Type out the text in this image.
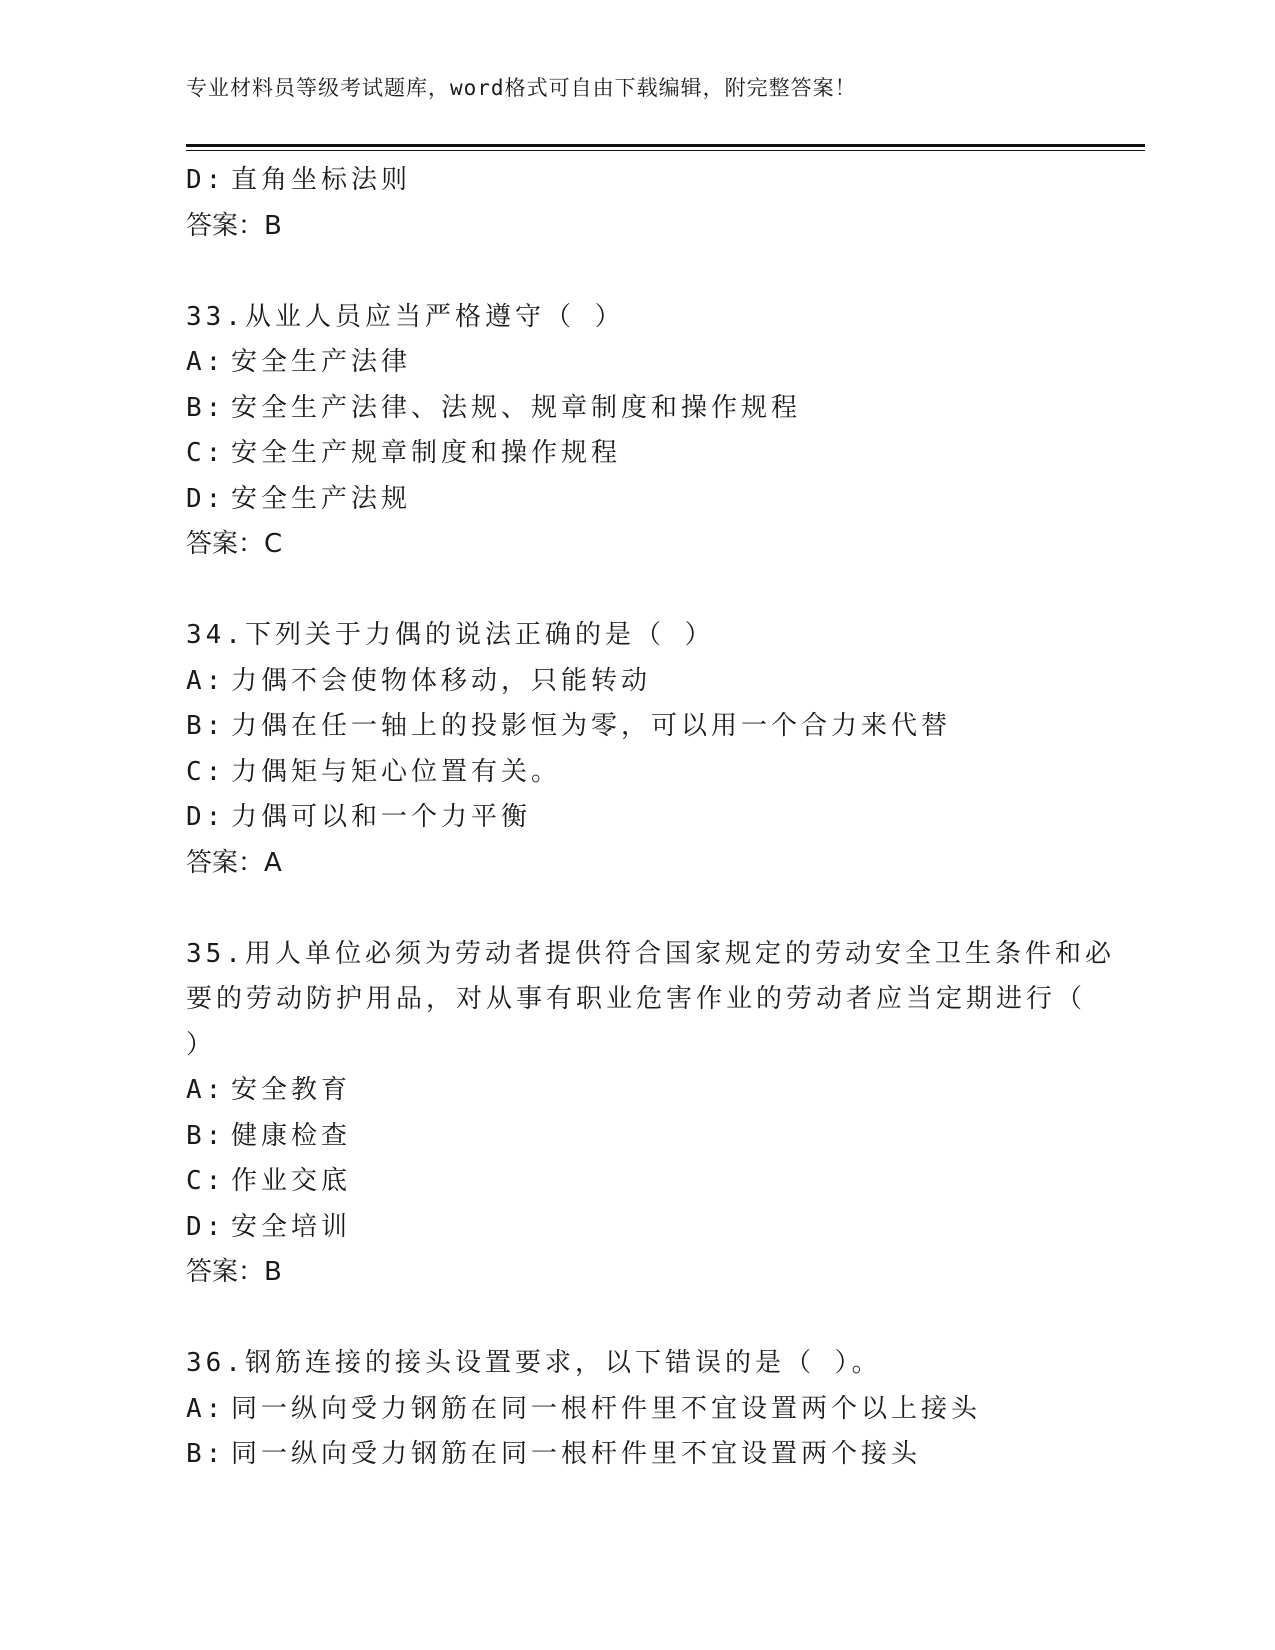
专业材料员等级考试题库，word格式可自由下载编辑，附完整答案！
D: 直角坐标法则
答案：B
33.从业人员应当严格遵守（ ）
A: 安全生产法律
B: 安全生产法律、法规、规章制度和操作规程
C: 安全生产规章制度和操作规程
D: 安全生产法规
答案：C
34.下列关于力偶的说法正确的是（ ）
A: 力偶不会使物体移动，只能转动
B: 力偶在任一轴上的投影恒为零，可以用一个合力来代替
C: 力偶矩与矩心位置有关。
D: 力偶可以和一个力平衡
答案：A
35.用人单位必须为劳动者提供符合国家规定的劳动安全卫生条件和必
要的劳动防护用品，对从事有职业危害作业的劳动者应当定期进行（
）
A: 安全教育
B: 健康检查
C: 作业交底
D: 安全培训
答案：B
36.钢筋连接的接头设置要求，以下错误的是（ ）。
A: 同一纵向受力钢筋在同一根杆件里不宜设置两个以上接头
B: 同一纵向受力钢筋在同一根杆件里不宜设置两个接头
